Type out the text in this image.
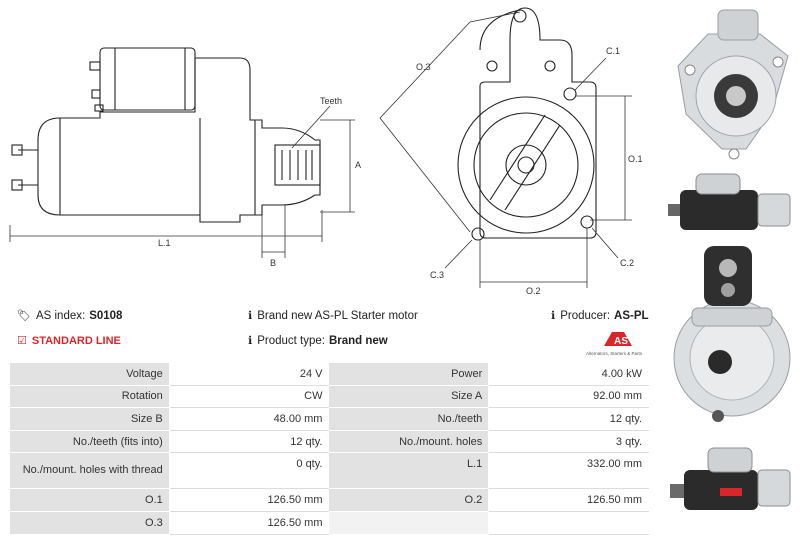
Teeth
A
L.1
B
O.3
O.1
O.2
C.1
C.2
C.3
🏷 AS index: S0108
☑ STANDARD LINE
ℹ Brand new AS-PL Starter motor
ℹ Product type: Brand new
ℹ Producer: AS-PL
AS
Alternators, Starters & Parts
Voltage	24 V	Power	4.00 kW
Rotation	CW	Size A	92.00 mm
Size B	48.00 mm	No./teeth	12 qty.
No./teeth (fits into)	12 qty.	No./mount. holes	3 qty.
No./mount. holes with thread	0 qty.	L.1	332.00 mm
O.1	126.50 mm	O.2	126.50 mm
O.3	126.50 mm		
